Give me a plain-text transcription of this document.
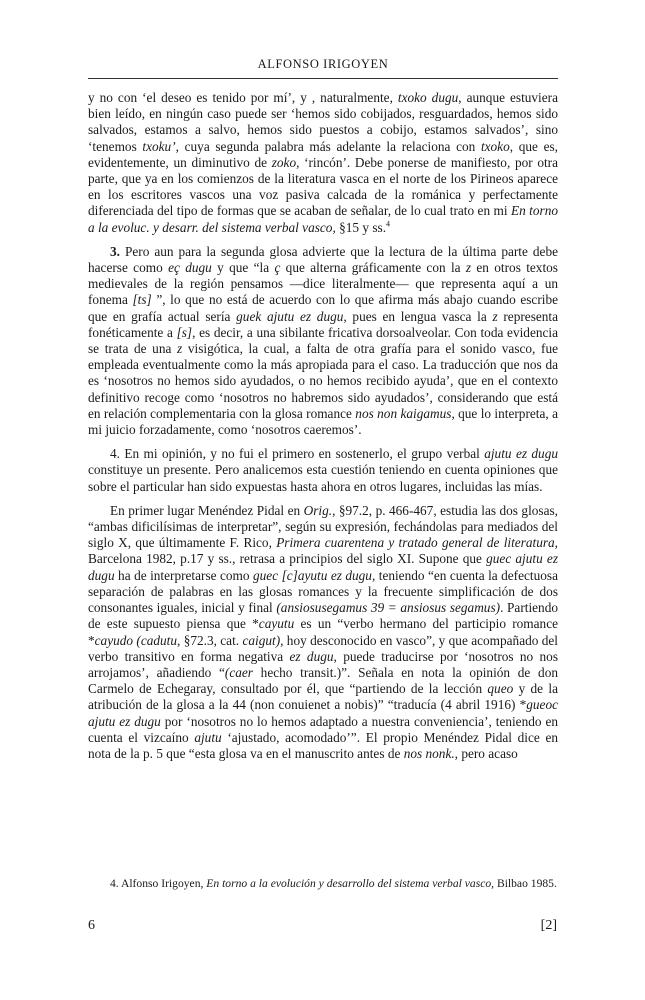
ALFONSO IRIGOYEN

y no con ‘el deseo es tenido por mí’, y , naturalmente, txoko dugu, aunque estuviera bien leído, en ningún caso puede ser ‘hemos sido cobijados, resguardados, hemos sido salvados, estamos a salvo, hemos sido puestos a cobijo, estamos salvados’, sino ‘tenemos txoku’, cuya segunda palabra más adelante la relaciona con txoko, que es, evidentemente, un diminutivo de zoko, ‘rincón’. Debe ponerse de manifiesto, por otra parte, que ya en los comienzos de la literatura vasca en el norte de los Pirineos aparece en los escritores vascos una voz pasiva calcada de la románica y perfectamente diferenciada del tipo de formas que se acaban de señalar, de lo cual trato en mi En torno a la evoluc. y desarr. del sistema verbal vasco, §15 y ss.$^4$

3. Pero aun para la segunda glosa advierte que la lectura de la última parte debe hacerse como eç dugu y que “la ç que alterna gráficamente con la z en otros textos medievales de la región pensamos —dice literalmente— que representa aquí a un fonema [ts] ”, lo que no está de acuerdo con lo que afirma más abajo cuando escribe que en grafía actual sería guek ajutu ez dugu, pues en lengua vasca la z representa fonéticamente a [s], es decir, a una sibilante fricativa dorsoalveolar. Con toda evidencia se trata de una z visigótica, la cual, a falta de otra grafía para el sonido vasco, fue empleada eventualmente como la más apropiada para el caso. La traducción que nos da es ‘nosotros no hemos sido ayudados, o no hemos recibido ayuda’, que en el contexto definitivo recoge como ‘nosotros no habremos sido ayudados’, considerando que está en relación complementaria con la glosa romance nos non kaigamus, que lo interpreta, a mi juicio forzadamente, como ‘nosotros caeremos’.

4. En mi opinión, y no fui el primero en sostenerlo, el grupo verbal ajutu ez dugu constituye un presente. Pero analicemos esta cuestión teniendo en cuenta opiniones que sobre el particular han sido expuestas hasta ahora en otros lugares, incluidas las mías.

En primer lugar Menéndez Pidal en Orig., §97.2, p. 466-467, estudia las dos glosas, “ambas dificilísimas de interpretar”, según su expresión, fechándolas para mediados del siglo X, que últimamente F. Rico, Primera cuarentena y tratado general de literatura, Barcelona 1982, p.17 y ss., retrasa a principios del siglo XI. Supone que guec ajutu ez dugu ha de interpretarse como guec [c]ayutu ez dugu, teniendo “en cuenta la defectuosa separación de palabras en las glosas romances y la frecuente simplificación de dos consonantes iguales, inicial y final (ansiosusegamus 39 = ansiosus segamus). Partiendo de este supuesto piensa que *cayutu es un “verbo hermano del participio romance *cayudo (cadutu, §72.3, cat. caigut), hoy desconocido en vasco”, y que acompañado del verbo transitivo en forma negativa ez dugu, puede traducirse por ‘nosotros no nos arrojamos’, añadiendo “(caer hecho transit.)”. Señala en nota la opinión de don Carmelo de Echegaray, consultado por él, que “partiendo de la lección queo y de la atribución de la glosa a la 44 (non conuienet a nobis)” “traducía (4 abril 1916) *gueoc ajutu ez dugu por ‘nosotros no lo hemos adaptado a nuestra conveniencia’, teniendo en cuenta el vizcaíno ajutu ‘ajustado, acomodado’”. El propio Menéndez Pidal dice en nota de la p. 5 que “esta glosa va en el manuscrito antes de nos nonk., pero acaso

4. Alfonso Irigoyen, En torno a la evolución y desarrollo del sistema verbal vasco, Bilbao 1985.

6	[2]
